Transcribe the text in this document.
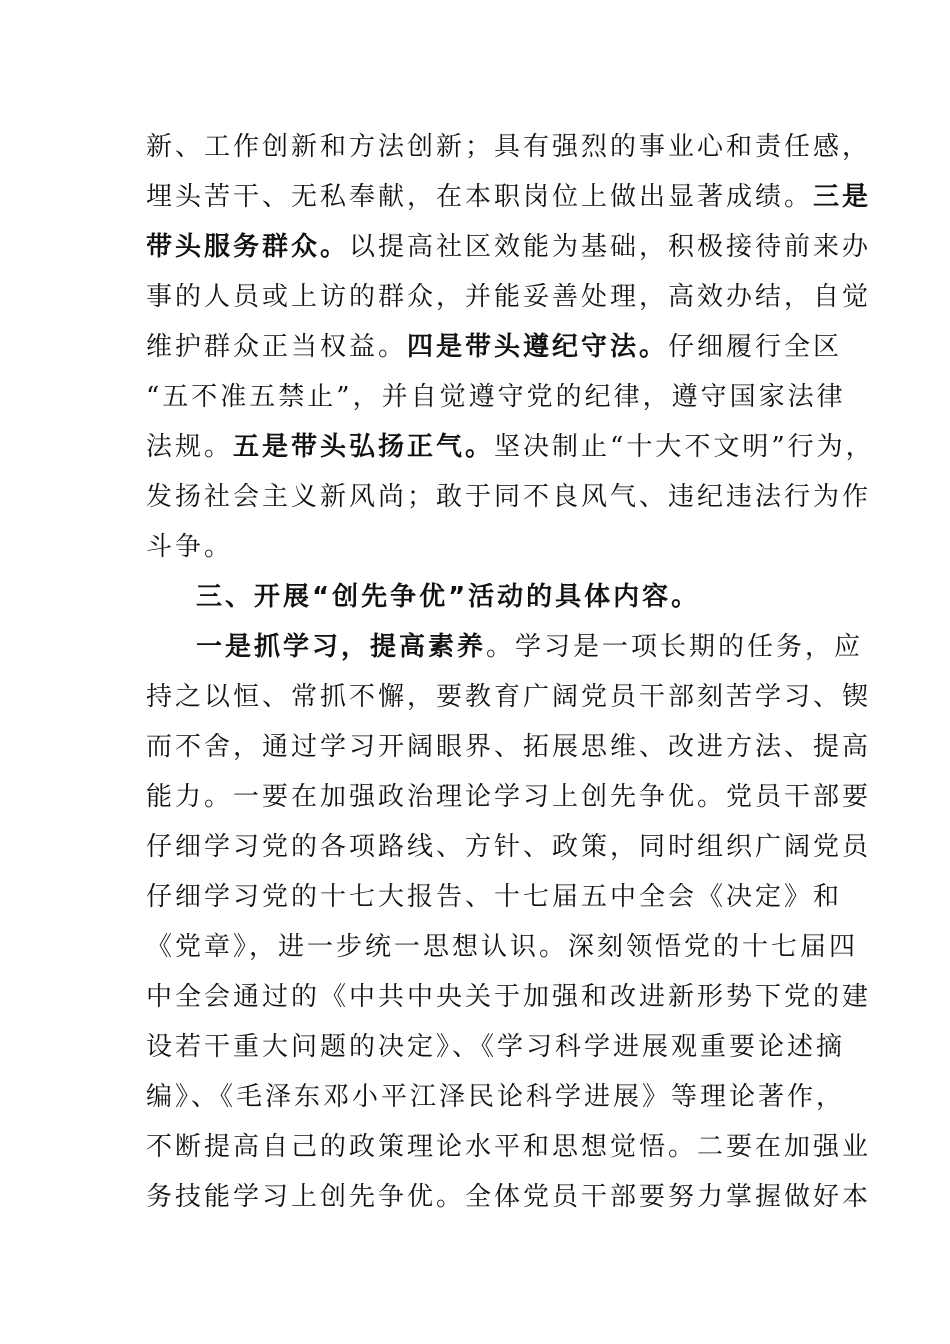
新、工作创新和方法创新；具有强烈的事业心和责任感，
埋头苦干、无私奉献，在本职岗位上做出显著成绩。三是
带头服务群众。以提高社区效能为基础，积极接待前来办
事的人员或上访的群众，并能妥善处理，高效办结，自觉
维护群众正当权益。四是带头遵纪守法。仔细履行全区
“五不准五禁止”，并自觉遵守党的纪律，遵守国家法律
法规。五是带头弘扬正气。坚决制止“十大不文明”行为，
发扬社会主义新风尚；敢于同不良风气、违纪违法行为作
斗争。
三、开展“创先争优”活动的具体内容。
一是抓学习，提高素养。学习是一项长期的任务，应
持之以恒、常抓不懈，要教育广阔党员干部刻苦学习、锲
而不舍，通过学习开阔眼界、拓展思维、改进方法、提高
能力。一要在加强政治理论学习上创先争优。党员干部要
仔细学习党的各项路线、方针、政策，同时组织广阔党员
仔细学习党的十七大报告、十七届五中全会《决定》和
《党章》，进一步统一思想认识。深刻领悟党的十七届四
中全会通过的《中共中央关于加强和改进新形势下党的建
设若干重大问题的决定》、《学习科学进展观重要论述摘
编》、《毛泽东邓小平江泽民论科学进展》等理论著作，
不断提高自己的政策理论水平和思想觉悟。二要在加强业
务技能学习上创先争优。全体党员干部要努力掌握做好本
